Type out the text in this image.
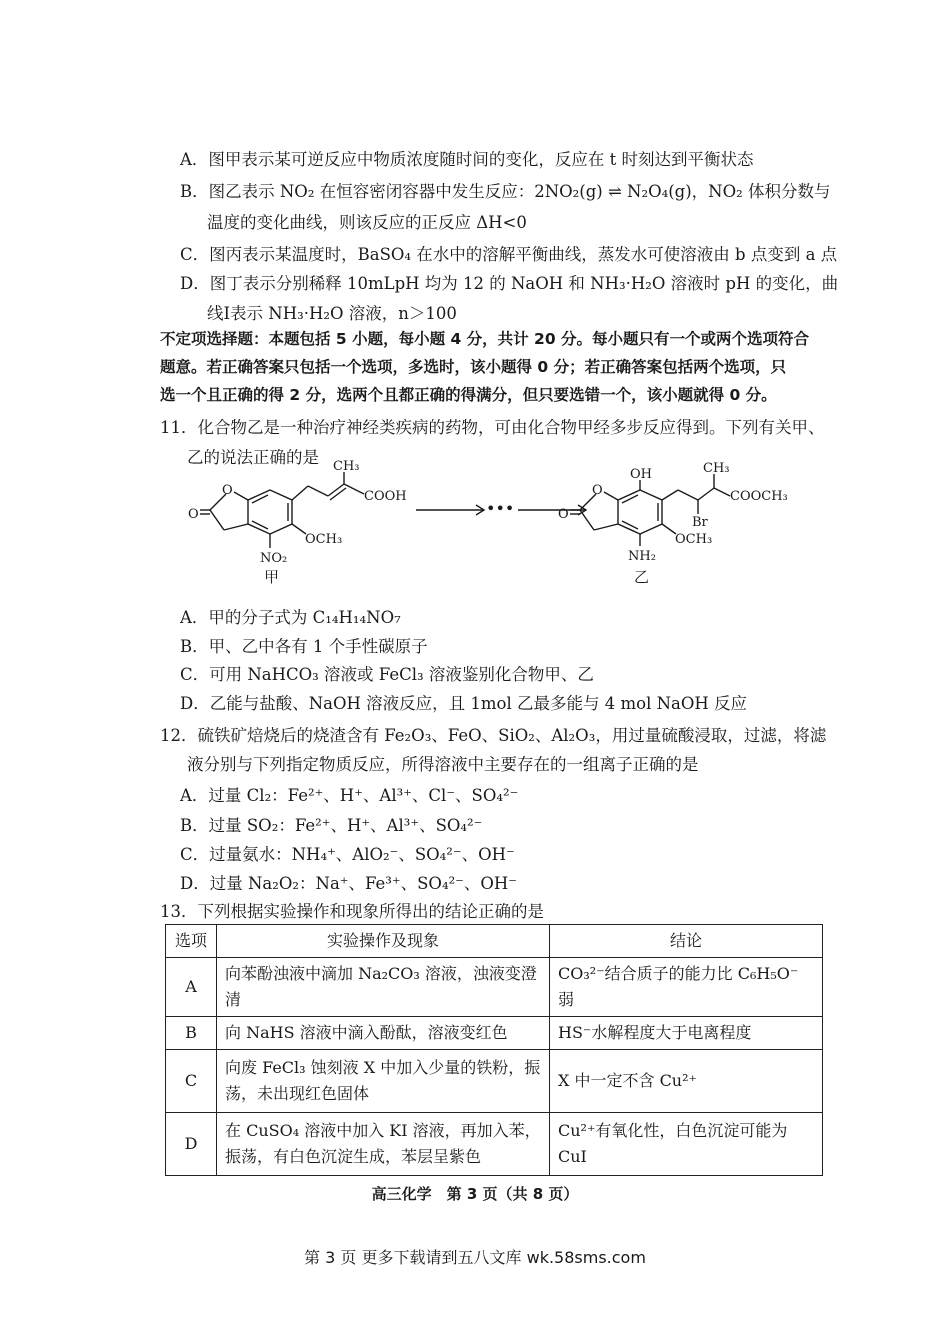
A．图甲表示某可逆反应中物质浓度随时间的变化，反应在 t 时刻达到平衡状态
B．图乙表示 NO₂ 在恒容密闭容器中发生反应：2NO₂(g) ⇌ N₂O₄(g)，NO₂ 体积分数与
温度的变化曲线，则该反应的正反应 ΔH<0
C．图丙表示某温度时，BaSO₄ 在水中的溶解平衡曲线，蒸发水可使溶液由 b 点变到 a 点
D．图丁表示分别稀释 10mLpH 均为 12 的 NaOH 和 NH₃·H₂O 溶液时 pH 的变化，曲
线Ⅰ表示 NH₃·H₂O 溶液，n＞100
不定项选择题：本题包括 5 小题，每小题 4 分，共计 20 分。每小题只有一个或两个选项符合
题意。若正确答案只包括一个选项，多选时，该小题得 0 分；若正确答案包括两个选项，只
选一个且正确的得 2 分，选两个且都正确的得满分，但只要选错一个，该小题就得 0 分。
11．化合物乙是一种治疗神经类疾病的药物，可由化合物甲经多步反应得到。下列有关甲、
乙的说法正确的是
O
O
CH₃
COOH
OCH₃
NO₂
甲
•••
O
O
OH	CH₃
COOCH₃
Br
OCH₃
NH₂
乙
A．甲的分子式为 C₁₄H₁₄NO₇
B．甲、乙中各有 1 个手性碳原子
C．可用 NaHCO₃ 溶液或 FeCl₃ 溶液鉴别化合物甲、乙
D．乙能与盐酸、NaOH 溶液反应，且 1mol 乙最多能与 4 mol NaOH 反应
12．硫铁矿焙烧后的烧渣含有 Fe₂O₃、FeO、SiO₂、Al₂O₃，用过量硫酸浸取，过滤，将滤
液分别与下列指定物质反应，所得溶液中主要存在的一组离子正确的是
A．过量 Cl₂：Fe²⁺、H⁺、Al³⁺、Cl⁻、SO₄²⁻
B．过量 SO₂：Fe²⁺、H⁺、Al³⁺、SO₄²⁻
C．过量氨水：NH₄⁺、AlO₂⁻、SO₄²⁻、OH⁻
D．过量 Na₂O₂：Na⁺、Fe³⁺、SO₄²⁻、OH⁻
13．下列根据实验操作和现象所得出的结论正确的是
选项	实验操作及现象	结论
A	向苯酚浊液中滴加 Na₂CO₃ 溶液，浊液变澄清	CO₃²⁻结合质子的能力比 C₆H₅O⁻弱
B	向 NaHS 溶液中滴入酚酞，溶液变红色	HS⁻水解程度大于电离程度
C	向废 FeCl₃ 蚀刻液 X 中加入少量的铁粉，振荡，未出现红色固体	X 中一定不含 Cu²⁺
D	在 CuSO₄ 溶液中加入 KI 溶液，再加入苯，振荡，有白色沉淀生成，苯层呈紫色	Cu²⁺有氧化性，白色沉淀可能为 CuI
高三化学　第 3 页（共 8 页）
第 3 页 更多下载请到五八文库 wk.58sms.com
